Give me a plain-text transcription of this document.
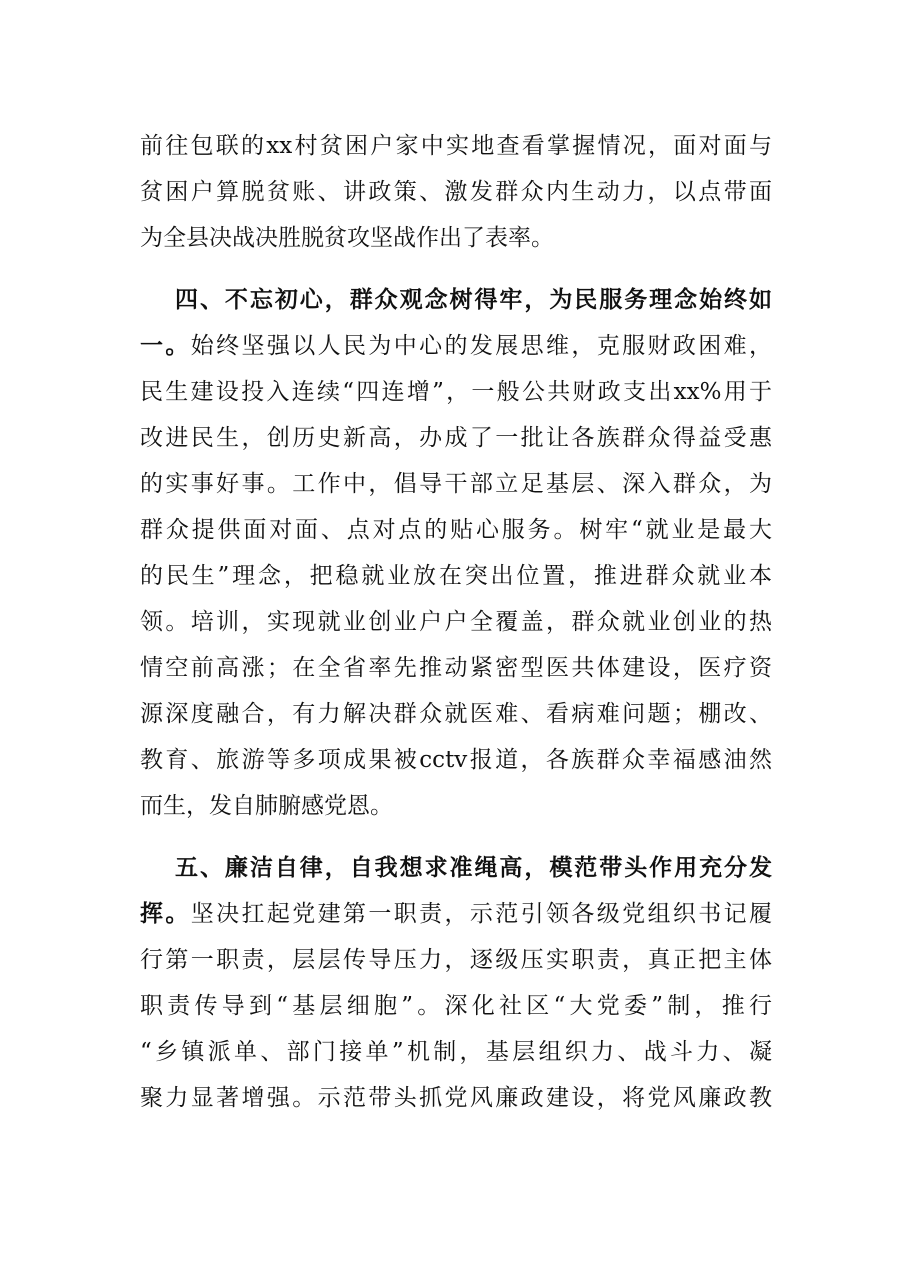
前往包联的xx村贫困户家中实地查看掌握情况，面对面与
贫困户算脱贫账、讲政策、激发群众内生动力，以点带面
为全县决战决胜脱贫攻坚战作出了表率。
四、不忘初心，群众观念树得牢，为民服务理念始终如
一。始终坚强以人民为中心的发展思维，克服财政困难，
民生建设投入连续“四连增”，一般公共财政支出xx%用于
改进民生，创历史新高，办成了一批让各族群众得益受惠
的实事好事。工作中，倡导干部立足基层、深入群众，为
群众提供面对面、点对点的贴心服务。树牢“就业是最大
的民生”理念，把稳就业放在突出位置，推进群众就业本
领。培训，实现就业创业户户全覆盖，群众就业创业的热
情空前高涨；在全省率先推动紧密型医共体建设，医疗资
源深度融合，有力解决群众就医难、看病难问题；棚改、
教育、旅游等多项成果被cctv报道，各族群众幸福感油然
而生，发自肺腑感党恩。
五、廉洁自律，自我想求准绳高，模范带头作用充分发
挥。坚决扛起党建第一职责，示范引领各级党组织书记履
行第一职责，层层传导压力，逐级压实职责，真正把主体
职责传导到“基层细胞”。深化社区“大党委”制，推行
“乡镇派单、部门接单”机制，基层组织力、战斗力、凝
聚力显著增强。示范带头抓党风廉政建设，将党风廉政教
